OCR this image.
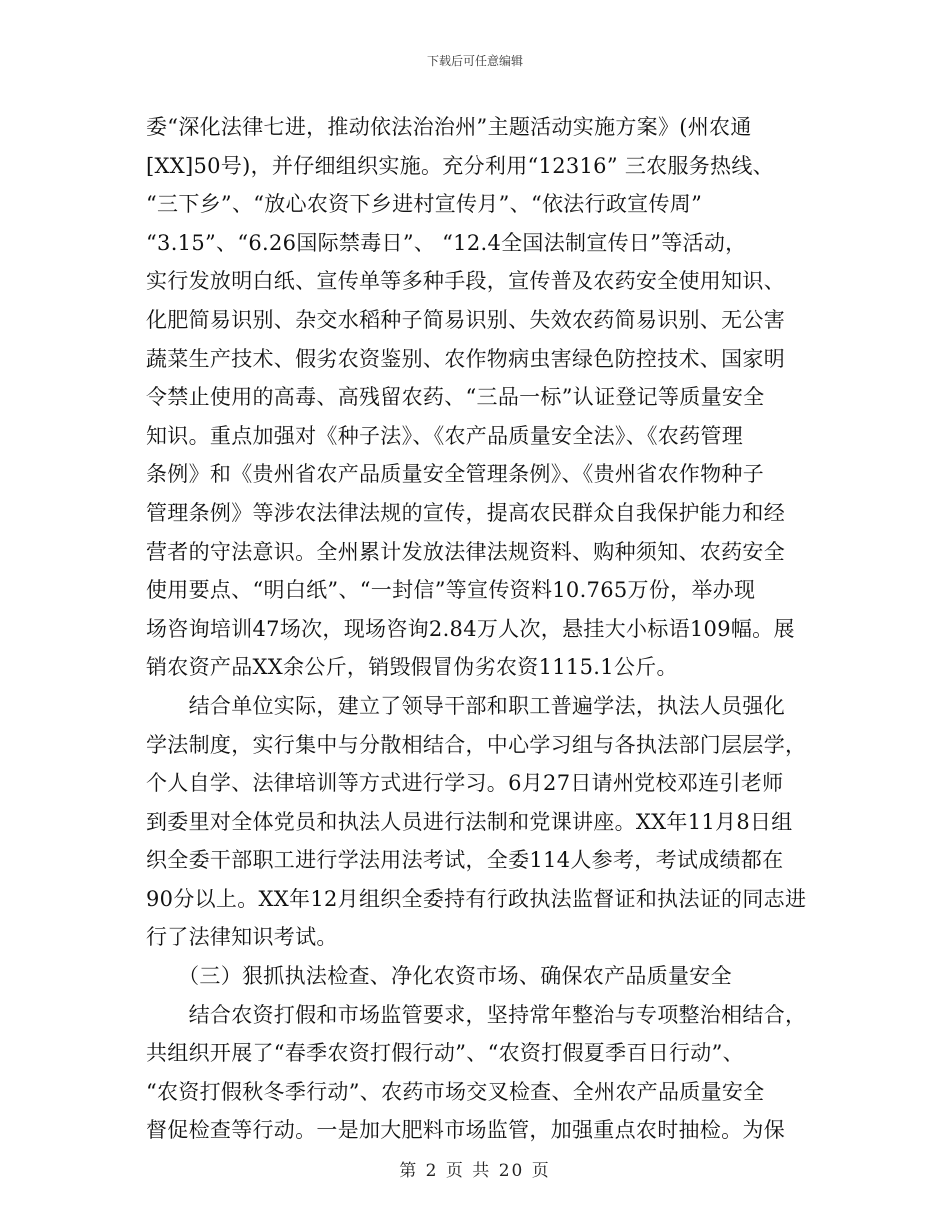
下载后可任意编辑
委“深化法律七进，推动依法治治州”主题活动实施方案》(州农通
[XX]50号)，并仔细组织实施。充分利用“12316” 三农服务热线、
“三下乡”、“放心农资下乡进村宣传月”、“依法行政宣传周”
“3.15”、“6.26国际禁毒日”、 “12.4全国法制宣传日”等活动，
实行发放明白纸、宣传单等多种手段，宣传普及农药安全使用知识、
化肥简易识别、杂交水稻种子简易识别、失效农药简易识别、无公害
蔬菜生产技术、假劣农资鉴别、农作物病虫害绿色防控技术、国家明
令禁止使用的高毒、高残留农药、“三品一标”认证登记等质量安全
知识。重点加强对《种子法》、《农产品质量安全法》、《农药管理
条例》和《贵州省农产品质量安全管理条例》、《贵州省农作物种子
管理条例》等涉农法律法规的宣传，提高农民群众自我保护能力和经
营者的守法意识。全州累计发放法律法规资料、购种须知、农药安全
使用要点、“明白纸”、“一封信”等宣传资料10.765万份，举办现
场咨询培训47场次，现场咨询2.84万人次，悬挂大小标语109幅。展
销农资产品XX余公斤，销毁假冒伪劣农资1115.1公斤。
　　结合单位实际，建立了领导干部和职工普遍学法，执法人员强化
学法制度，实行集中与分散相结合，中心学习组与各执法部门层层学，
个人自学、法律培训等方式进行学习。6月27日请州党校邓连引老师
到委里对全体党员和执法人员进行法制和党课讲座。XX年11月8日组
织全委干部职工进行学法用法考试，全委114人参考，考试成绩都在
90分以上。XX年12月组织全委持有行政执法监督证和执法证的同志进
行了法律知识考试。
　　（三）狠抓执法检查、净化农资市场、确保农产品质量安全
　　结合农资打假和市场监管要求，坚持常年整治与专项整治相结合，
共组织开展了“春季农资打假行动”、“农资打假夏季百日行动”、
“农资打假秋冬季行动”、农药市场交叉检查、全州农产品质量安全
督促检查等行动。一是加大肥料市场监管，加强重点农时抽检。为保
第 2 页 共 20 页
